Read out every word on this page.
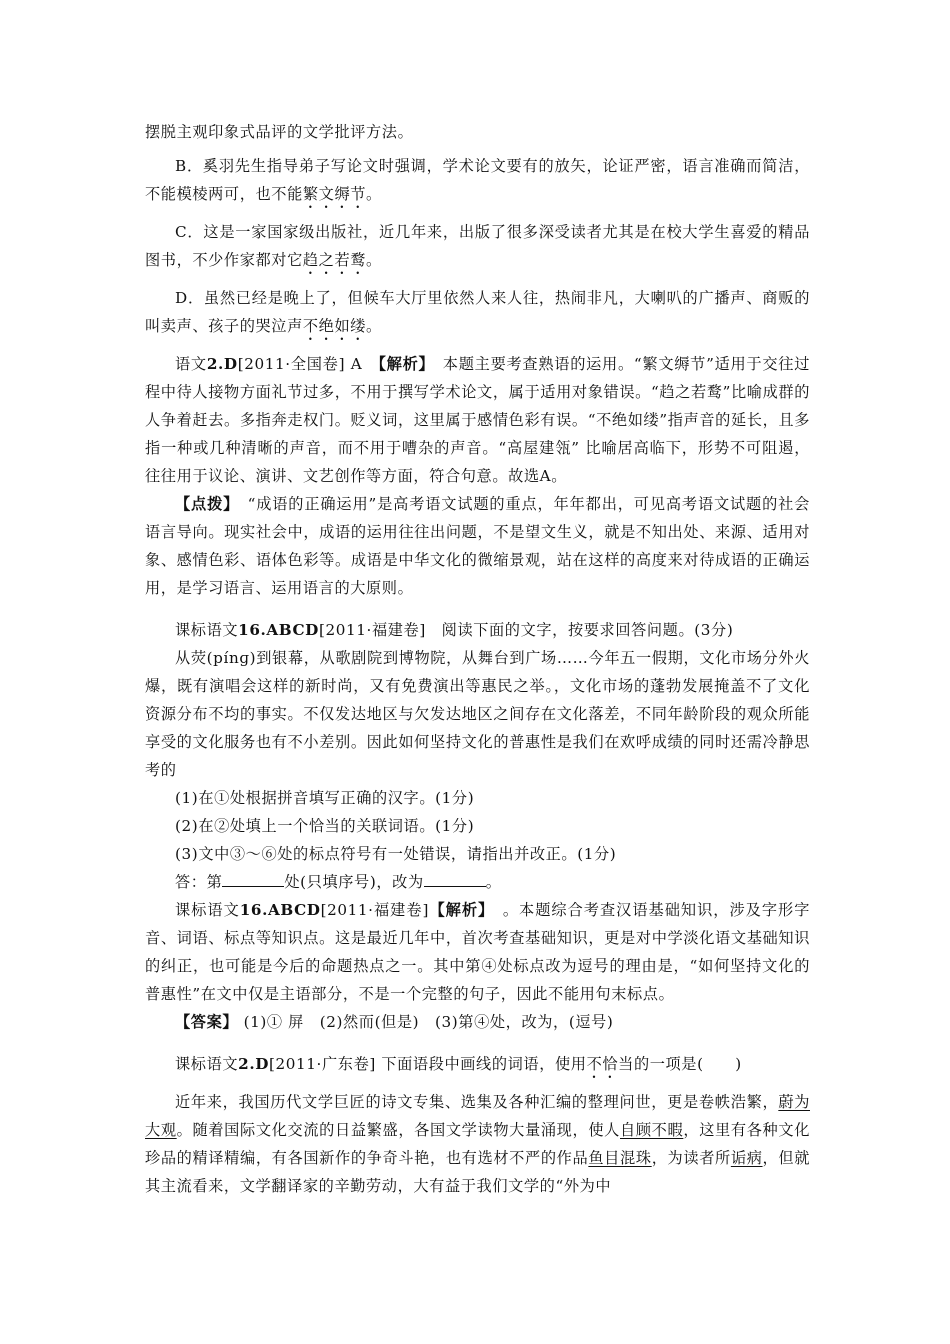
摆脱主观印象式品评的文学批评方法。

B．奚羽先生指导弟子写论文时强调，学术论文要有的放矢，论证严密，语言准确而简洁，不能模棱两可，也不能繁文缛节。

C．这是一家国家级出版社，近几年来，出版了很多深受读者尤其是在校大学生喜爱的精品图书，不少作家都对它趋之若鹜。

D．虽然已经是晚上了，但候车大厅里依然人来人往，热闹非凡，大喇叭的广播声、商贩的叫卖声、孩子的哭泣声不绝如缕。

语文2.D[2011·全国卷] A　 【解析】　 本题主要考查熟语的运用。“繁文缛节”适用于交往过程中待人接物方面礼节过多，不用于撰写学术论文，属于适用对象错误。“趋之若鹜”比喻成群的人争着赶去。多指奔走权门。贬义词，这里属于感情色彩有误。“不绝如缕”指声音的延长，且多指一种或几种清晰的声音，而不用于嘈杂的声音。“高屋建瓴” 比喻居高临下，形势不可阻遏，往往用于议论、演讲、文艺创作等方面，符合句意。故选A。

【点拨】　 “成语的正确运用”是高考语文试题的重点，年年都出，可见高考语文试题的社会语言导向。现实社会中，成语的运用往往出问题，不是望文生义，就是不知出处、来源、适用对象、感情色彩、语体色彩等。成语是中华文化的微缩景观，站在这样的高度来对待成语的正确运用，是学习语言、运用语言的大原则。

课标语文16.ABCD[2011·福建卷]　 阅读下面的文字，按要求回答问题。(3分)

从荧(pínɡ)到银幕，从歌剧院到博物院，从舞台到广场……今年五一假期，文化市场分外火爆，既有演唱会这样的新时尚，又有免费演出等惠民之举。，文化市场的蓬勃发展掩盖不了文化资源分布不均的事实。不仅发达地区与欠发达地区之间存在文化落差，不同年龄阶段的观众所能享受的文化服务也有不小差别。因此如何坚持文化的普惠性是我们在欢呼成绩的同时还需冷静思考的

(1)在①处根据拼音填写正确的汉字。(1分)

(2)在②处填上一个恰当的关联词语。(1分)

(3)文中③～⑥处的标点符号有一处错误，请指出并改正。(1分)

答：第	处(只填序号)，改为	。

课标语文16.ABCD[2011·福建卷]【解析】　 。本题综合考查汉语基础知识，涉及字形字音、词语、标点等知识点。这是最近几年中，首次考查基础知识，更是对中学淡化语文基础知识的纠正，也可能是今后的命题热点之一。其中第④处标点改为逗号的理由是，“如何坚持文化的普惠性”在文中仅是主语部分，不是一个完整的句子，因此不能用句末标点。

【答案】 (1)① 屏　(2)然而(但是)　(3)第④处，改为，(逗号)

课标语文2.D[2011·广东卷] 下面语段中画线的词语，使用不恰当的一项是(　　)

近年来，我国历代文学巨匠的诗文专集、选集及各种汇编的整理问世，更是卷帙浩繁，蔚为大观。随着国际文化交流的日益繁盛，各国文学读物大量涌现，使人自顾不暇，这里有各种文化珍品的精译精编，有各国新作的争奇斗艳，也有选材不严的作品鱼目混珠，为读者所诟病，但就其主流看来，文学翻译家的辛勤劳动，大有益于我们文学的“外为中
